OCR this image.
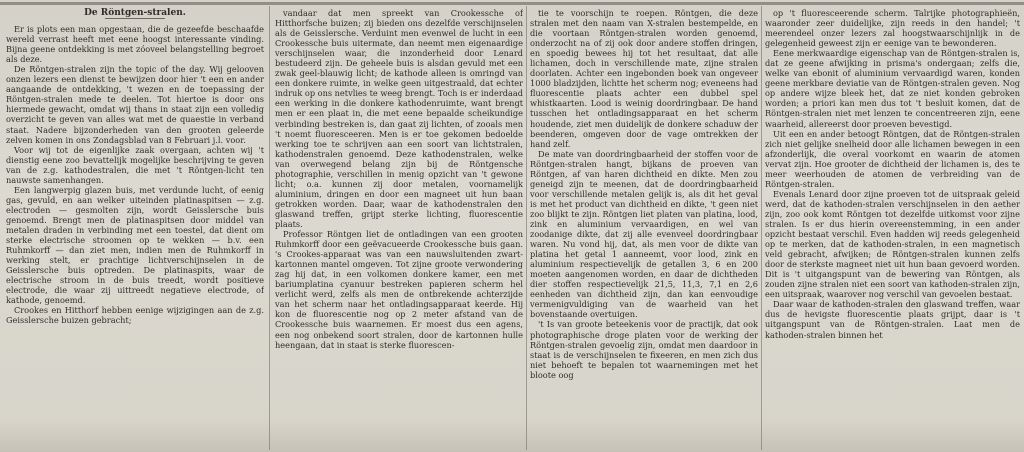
De Röntgen-stralen.

Er is plots een man opgestaan, die de gezeefde beschaafde wereld verrast heeft met eene hoogst interessante vinding. Bijna geene ontdekking is met zóoveel belangstelling begroet als deze.

De Röntgen-stralen zijn the topic of the day. Wij gelooven onzen lezers een dienst te bewijzen door hier 't een en ander aangaande de ontdekking, 't wezen en de toepassing der Röntgen-stralen mede te deelen. Tot hiertoe is door ons hiermede gewacht, omdat wij thans in staat zijn een volledig overzicht te geven van alles wat met de quaestie in verband staat. Nadere bijzonderheden van den grooten geleerde zelven komen in ons Zondagsblad van 8 Februari j.l. voor.

Voor wij tot de eigenlijke zaak overgaan, achten wij 't dienstig eene zoo bevattelijk mogelijke beschrijving te geven van de z.g. kathodestralen, die met 't Röntgen-licht ten nauwste samenhangen.

Een langwerpig glazen buis, met verdunde lucht, of eenig gas, gevuld, en aan welker uiteinden platinaspitsen — z.g. electroden — gesmolten zijn, wordt Geisslersche buis genoemd. Brengt men de platinaspitsen door middel van metalen draden in verbinding met een toestel, dat dient om sterke electrische stroomen op te wekken — b.v. een Ruhmkorff — dan ziet men, indien men de Ruhmkorff in werking stelt, er prachtige lichtverschijnselen in de Geisslersche buis optreden. De platinaspits, waar de electrische stroom in de buis treedt, wordt positieve electrode, die waar zij uittreedt negatieve electrode, of kathode, genoemd.

Crookes en Hitthorf hebben eenige wijzigingen aan de z.g. Geisslersche buizen gebracht;

vandaar dat men spreekt van Crookessche of Hitthorfsche buizen; zij bieden ons dezelfde verschijnselen als de Geisslersche. Verduint men evenwel de lucht in een Crookessche buis uitermate, dan neemt men eigenaardige verschijnselen waar, die inzonderheid door Lenard bestudeerd zijn. De geheele buis is alsdan gevuld met een zwak geel-blauwig licht; de kathode alleen is omringd van een donkere ruimte, in welke geen uitgestraald, dat echter indruk op ons netvlies te weeg brengt. Toch is er inderdaad een werking in die donkere kathodenruimte, want brengt men er een plaat in, die met eene bepaalde scheikundige verbinding bestreken is, dan gaat zij lichten, of zooals men 't noemt fluoresceeren. Men is er toe gekomen bedoelde werking toe te schrijven aan een soort van lichtstralen, kathodenstralen genoemd. Deze kathodenstralen, welke van overwegend belang zijn bij de Röntgensche photographie, verschillen in menig opzicht van 't gewone licht; o.a. kunnen zij door metalen, voornamelijk aluminium, dringen en door een magneet uit hun baan getrokken worden. Daar, waar de kathodenstralen den glaswand treffen, grijpt sterke lichting, fluorescentie plaats.

Professor Röntgen liet de ontladingen van een grooten Ruhmkorff door een geëvacueerde Crookessche buis gaan. 's Crookes-apparaat was van een nauwsluitenden zwart-kartonnen mantel omgeven. Tot zijne groote verwondering zag hij dat, in een volkomen donkere kamer, een met bariumplatina cyanuur bestreken papieren scherm hel verlicht werd, zelfs als men de ontbrekende achterzijde van het scherm naar het ontladingsapparaat keerde. Hij kon de fluorescentie nog op 2 meter afstand van de Crookessche buis waarnemen. Er moest dus een agens, een nog onbekend soort stralen, door de kartonnen hulle heengaan, dat in staat is sterke fluorescen-

tie te voorschijn te roepen. Röntgen, die deze stralen met den naam van X-stralen bestempelde, en die voortaan Röntgen-stralen worden genoemd, onderzocht na of zij ook door andere stoffen dringen, en spoedig bewees hij tot het resultaat, dat alle lichamen, doch in verschillende mate, zijne stralen doorlaten. Achter een ingebonden boek van ongeveer 1000 bladzijden, lichtte het scherm nog; eveneens had fluorescentie plaats achter een dubbel spel whistkaarten. Lood is weinig doordringbaar. De hand tusschen het ontladingsapparaat en het scherm houdende, ziet men duidelijk de donkere schaduw der beenderen, omgeven door de vage omtrekken der hand zelf.

De mate van doordringbaarheid der stoffen voor de Röntgen-stralen hangt, bijkans de proeven van Röntgen, af van haren dichtheid en dikte. Men zou geneigd zijn te meenen, dat de doordringbaarheid voor verschillende metalen gelijk is, als dit het geval is met het product van dichtheid en dikte, 't geen niet zoo blijkt te zijn. Röntgen liet platen van platina, lood, zink en aluminium vervaardigen, en wel van zoodanige dikte, dat zij alle evenveel doordringbaar waren. Nu vond hij, dat, als men voor de dikte van platina het getal 1 aanneemt, voor lood, zink en aluminium respectievelijk de getallen 3, 6 en 200 moeten aangenomen worden, en daar de dichtheden dier stoffen respectievelijk 21,5, 11,3, 7,1 en 2,6 eenheden van dichtheid zijn, dan kan eenvoudige vermenigvuldiging van de waarheid van het bovenstaande overtuigen.

't Is van groote beteekenis voor de practijk, dat ook photographische droge platen voor de werking der Röntgen-stralen gevoelig zijn, omdat men daardoor in staat is de verschijnselen te fixeeren, en men zich dus niet behoeft te bepalen tot waarnemingen met het bloote oog

op 't fluoresceerende scherm. Talrijke photographieën, waaronder zeer duidelijke, zijn reeds in den handel; 't meerendeel onzer lezers zal hoogstwaarschijnlijk in de gelegenheid geweest zijn er eenige van te bewonderen.

Eene merkwaardige eigenschap van de Röntgen-stralen is, dat ze geene afwijking in prisma's ondergaan; zelfs die, welke van ebonit of aluminium vervaardigd waren, konden geene merkbare deviatie van de Röntgen-stralen geven. Nog op andere wijze bleek het, dat ze niet konden gebroken worden; a priori kan men dus tot 't besluit komen, dat de Röntgen-stralen niet met lenzen te concentreeren zijn, eene waarheid, allereerst door proeven bevestigd.

Uit een en ander betoogt Röntgen, dat de Röntgen-stralen zich niet gelijke snelheid door alle lichamen bewegen in een afzonderlijk, die overal voorkomt en waarin de atomen vervat zijn. Hoe grooter de dichtheid der lichamen is, des te meer weerhouden de atomen de verbreiding van de Röntgen-stralen.

Evenals Lenard door zijne proeven tot de uitspraak geleid werd, dat de kathoden-stralen verschijnselen in den aether zijn, zoo ook komt Röntgen tot dezelfde uitkomst voor zijne stralen. Is er dus hierin overeenstemming, in een ander opzicht bestaat verschil. Even hadden wij reeds gelegenheid op te merken, dat de kathoden-stralen, in een magnetisch veld gebracht, afwijken; de Röntgen-stralen kunnen zelfs door de sterkste magneet niet uit hun baan gevoerd worden. Dit is 't uitgangspunt van de bewering van Röntgen, als zouden zijne stralen niet een soort van kathoden-stralen zijn, een uitspraak, waarover nog verschil van gevoelen bestaat.

Daar waar de kathoden-stralen den glaswand treffen, waar dus de hevigste fluorescentie plaats grijpt, daar is 't uitgangspunt van de Röntgen-stralen. Laat men de kathoden-stralen binnen het
